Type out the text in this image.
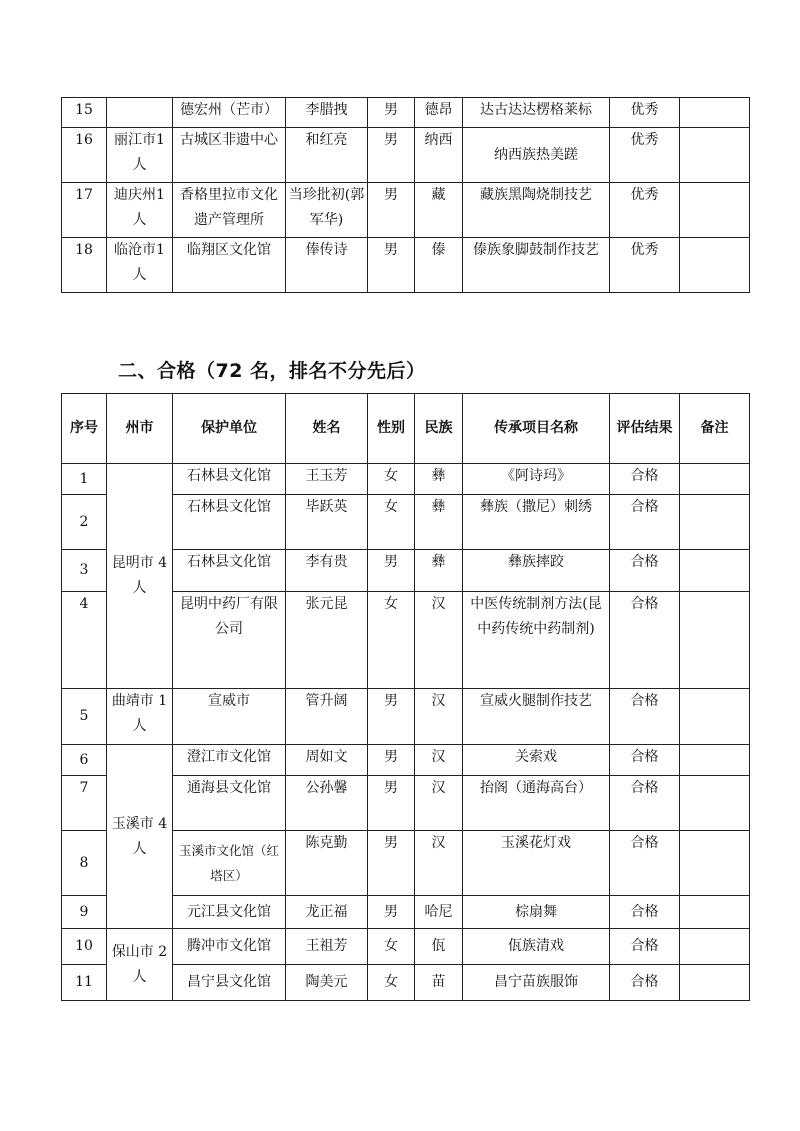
15		德宏州（芒市）	李腊拽	男	德昂	达古达达楞格莱标	优秀	
16	丽江市1人	古城区非遗中心	和红亮	男	纳西	纳西族热美蹉	优秀	
17	迪庆州1人	香格里拉市文化遗产管理所	当珍批初(郭军华)	男	藏	藏族黑陶烧制技艺	优秀	
18	临沧市1人	临翔区文化馆	俸传诗	男	傣	傣族象脚鼓制作技艺	优秀	
二、合格（72 名，排名不分先后）
序号	州市	保护单位	姓名	性别	民族	传承项目名称	评估结果	备注
1	昆明市 4人	石林县文化馆	王玉芳	女	彝	《阿诗玛》	合格	
2		石林县文化馆	毕跃英	女	彝	彝族（撒尼）刺绣	合格	
3		石林县文化馆	李有贵	男	彝	彝族摔跤	合格	
4		昆明中药厂有限公司	张元昆	女	汉	中医传统制剂方法(昆中药传统中药制剂)	合格	
5	曲靖市 1人	宣威市	管升阔	男	汉	宣威火腿制作技艺	合格	
6	玉溪市 4人	澄江市文化馆	周如文	男	汉	关索戏	合格	
7		通海县文化馆	公孙馨	男	汉	抬阁（通海高台）	合格	
8		玉溪市文化馆（红塔区）	陈克勤	男	汉	玉溪花灯戏	合格	
9		元江县文化馆	龙正福	男	哈尼	棕扇舞	合格	
10	保山市 2人	腾冲市文化馆	王祖芳	女	佤	佤族清戏	合格	
11		昌宁县文化馆	陶美元	女	苗	昌宁苗族服饰	合格	
